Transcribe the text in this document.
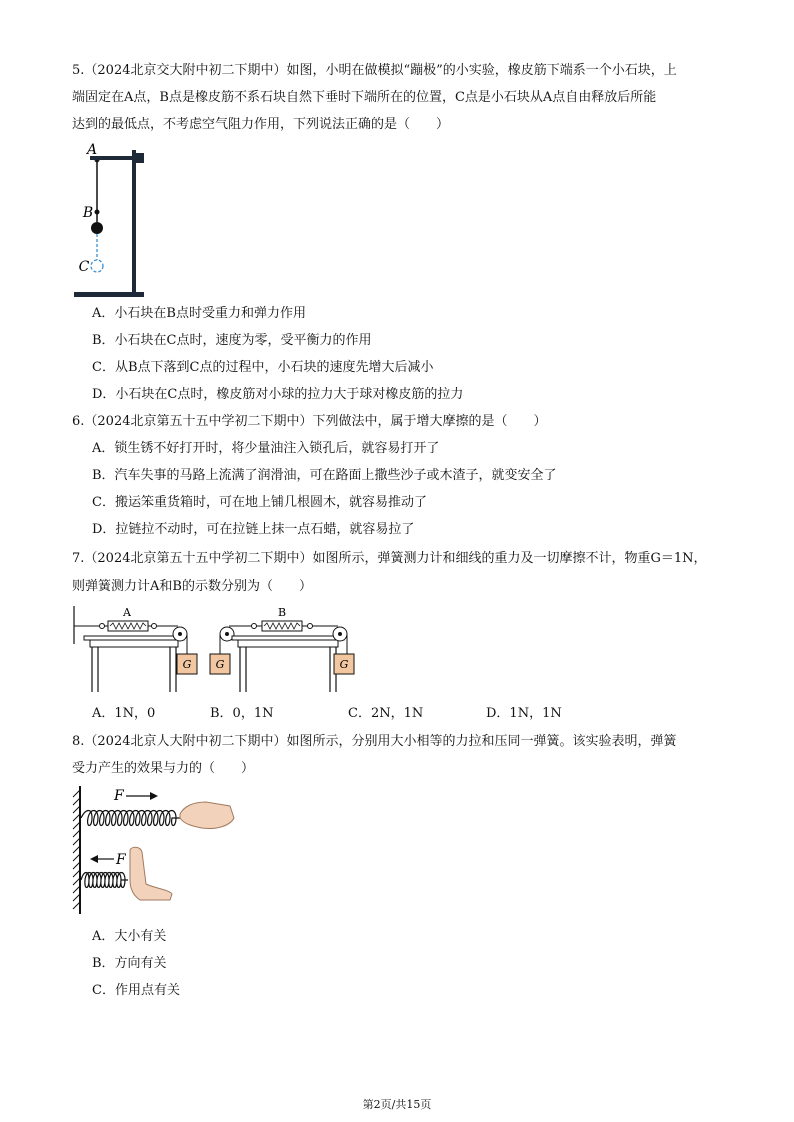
5.（2024北京交大附中初二下期中）如图，小明在做模拟“蹦极”的小实验，橡皮筋下端系一个小石块，上
端固定在A点，B点是橡皮筋不系石块自然下垂时下端所在的位置，C点是小石块从A点自由释放后所能
达到的最低点，不考虑空气阻力作用，下列说法正确的是（　　）
A
B
C
A．小石块在B点时受重力和弹力作用
B．小石块在C点时，速度为零，受平衡力的作用
C．从B点下落到C点的过程中，小石块的速度先增大后减小
D．小石块在C点时，橡皮筋对小球的拉力大于球对橡皮筋的拉力
6.（2024北京第五十五中学初二下期中）下列做法中，属于增大摩擦的是（　　）
A．锁生锈不好打开时，将少量油注入锁孔后，就容易打开了
B．汽车失事的马路上流满了润滑油，可在路面上撒些沙子或木渣子，就变安全了
C．搬运笨重货箱时，可在地上铺几根圆木，就容易推动了
D．拉链拉不动时，可在拉链上抹一点石蜡，就容易拉了
7.（2024北京第五十五中学初二下期中）如图所示，弹簧测力计和细线的重力及一切摩擦不计，物重G＝1N，
则弹簧测力计A和B的示数分别为（　　）
G
A
G	G
B
A．1N，0	B．0，1N	C．2N，1N	D．1N，1N
8.（2024北京人大附中初二下期中）如图所示，分别用大小相等的力拉和压同一弹簧。该实验表明，弹簧
受力产生的效果与力的（　　）
F
F
A．大小有关
B．方向有关
C．作用点有关
第2页/共15页
